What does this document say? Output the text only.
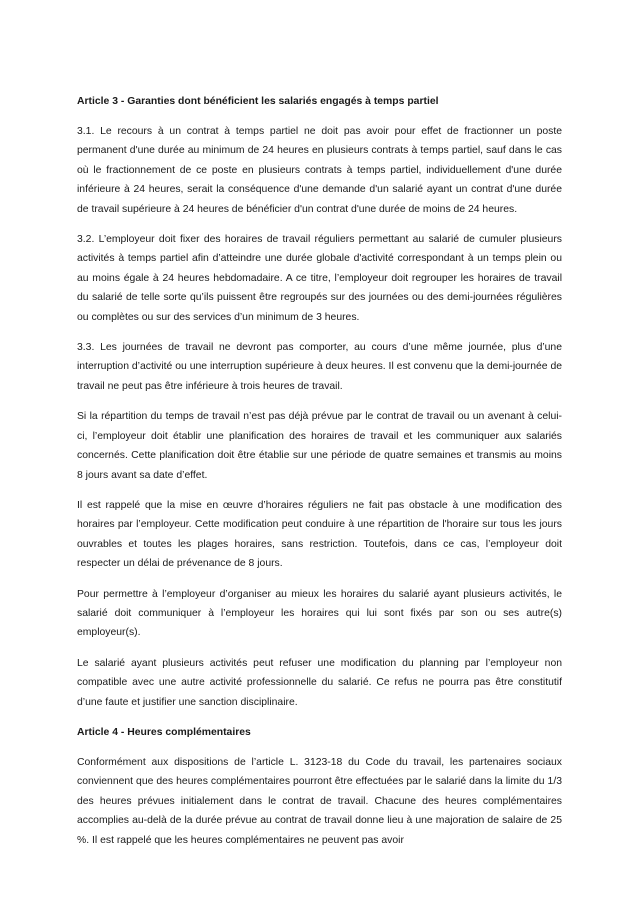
Article 3 - Garanties dont bénéficient les salariés engagés à temps partiel

3.1. Le recours à un contrat à temps partiel ne doit pas avoir pour effet de fractionner un poste permanent d'une durée au minimum de 24 heures en plusieurs contrats à temps partiel, sauf dans le cas où le fractionnement de ce poste en plusieurs contrats à temps partiel, individuellement d'une durée inférieure à 24 heures, serait la conséquence d'une demande d'un salarié ayant un contrat d'une durée de travail supérieure à 24 heures de bénéficier d'un contrat d'une durée de moins de 24 heures.

3.2. L’employeur doit fixer des horaires de travail réguliers permettant au salarié de cumuler plusieurs activités à temps partiel afin d’atteindre une durée globale d'activité correspondant à un temps plein ou au moins égale à 24 heures hebdomadaire. A ce titre, l’employeur doit regrouper les horaires de travail du salarié de telle sorte qu’ils puissent être regroupés sur des journées ou des demi-journées régulières ou complètes ou sur des services d’un minimum de 3 heures.

3.3. Les journées de travail ne devront pas comporter, au cours d’une même journée, plus d’une interruption d’activité ou une interruption supérieure à deux heures. Il est convenu que la demi-journée de travail ne peut pas être inférieure à trois heures de travail.

Si la répartition du temps de travail n’est pas déjà prévue par le contrat de travail ou un avenant à celui-ci, l’employeur doit établir une planification des horaires de travail et les communiquer aux salariés concernés. Cette planification doit être établie sur une période de quatre semaines et transmis au moins 8 jours avant sa date d’effet.

Il est rappelé que la mise en œuvre d’horaires réguliers ne fait pas obstacle à une modification des horaires par l’employeur. Cette modification peut conduire à une répartition de l'horaire sur tous les jours ouvrables et toutes les plages horaires, sans restriction. Toutefois, dans ce cas, l’employeur doit respecter un délai de prévenance de 8 jours.

Pour permettre à l’employeur d’organiser au mieux les horaires du salarié ayant plusieurs activités, le salarié doit communiquer à l’employeur les horaires qui lui sont fixés par son ou ses autre(s) employeur(s).

Le salarié ayant plusieurs activités peut refuser une modification du planning par l’employeur non compatible avec une autre activité professionnelle du salarié. Ce refus ne pourra pas être constitutif d’une faute et justifier une sanction disciplinaire.

Article 4 - Heures complémentaires

Conformément aux dispositions de l’article L. 3123-18 du Code du travail, les partenaires sociaux conviennent que des heures complémentaires pourront être effectuées par le salarié dans la limite du 1/3 des heures prévues initialement dans le contrat de travail. Chacune des heures complémentaires accomplies au-delà de la durée prévue au contrat de travail donne lieu à une majoration de salaire de 25 %. Il est rappelé que les heures complémentaires ne peuvent pas avoir
